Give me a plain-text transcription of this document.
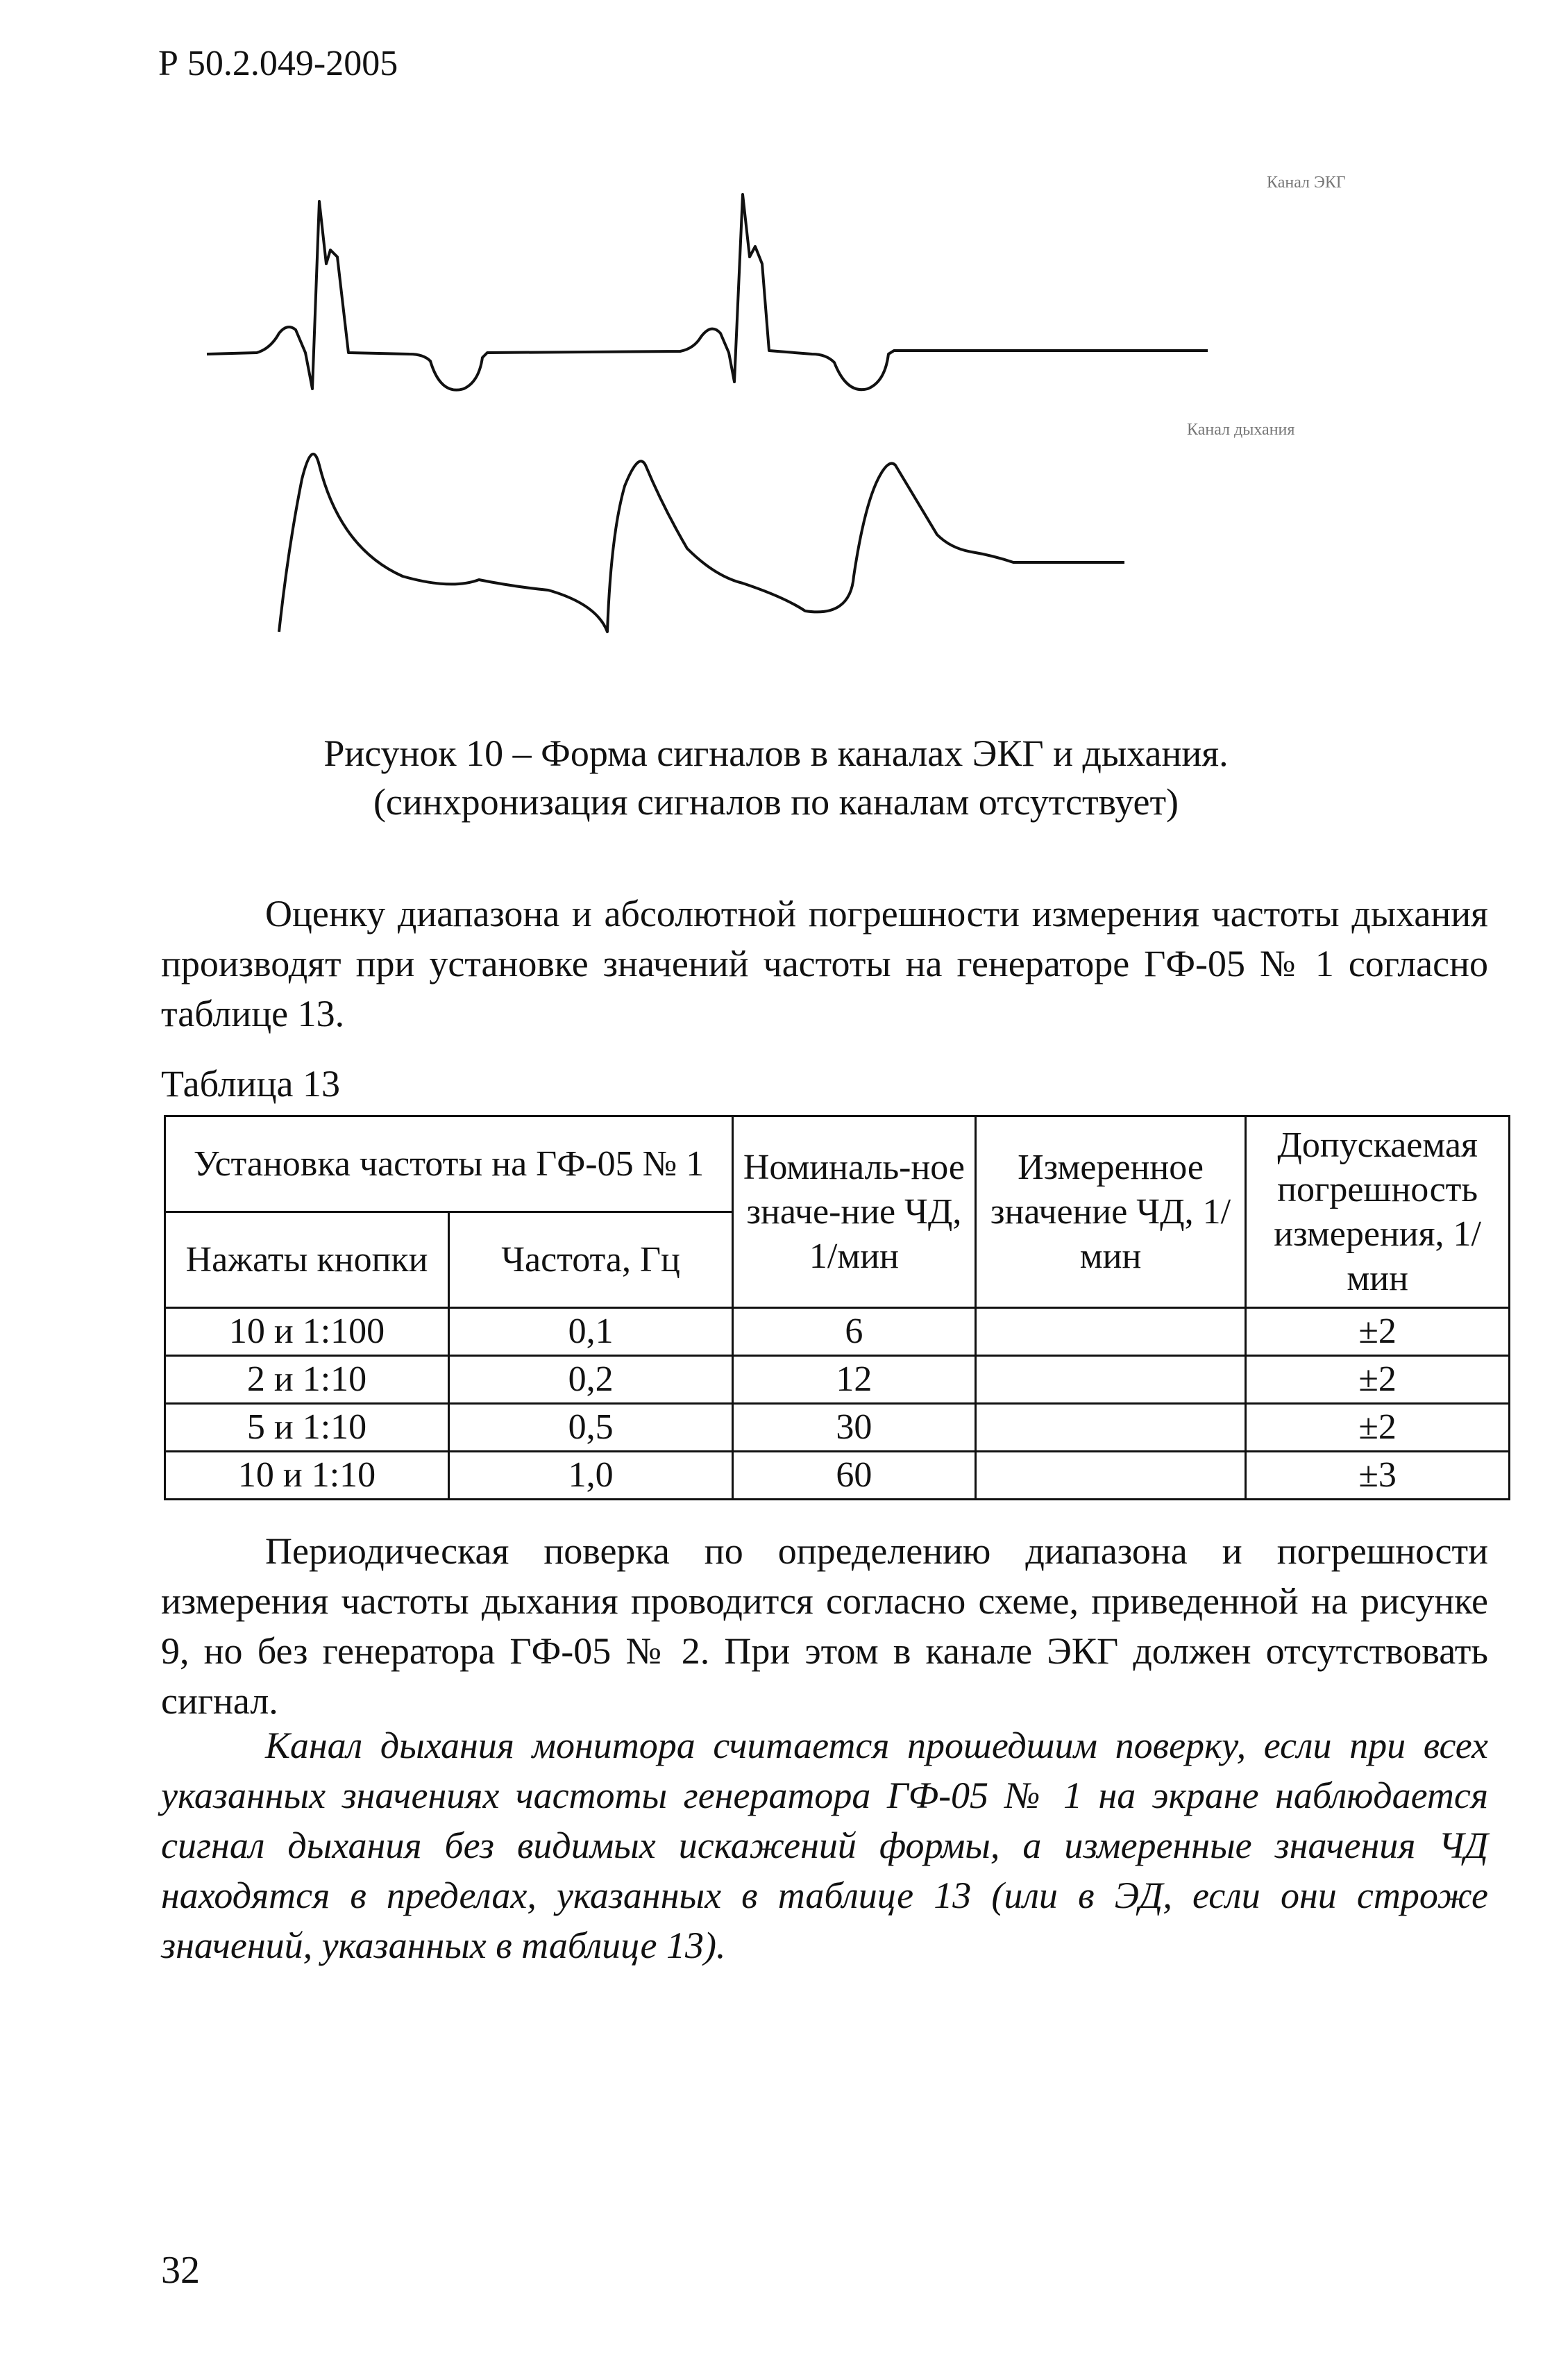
Р 50.2.049-2005
Канал ЭКГ
Канал дыхания
Рисунок 10 – Форма сигналов в каналах ЭКГ и дыхания.
(синхронизация сигналов по каналам отсутствует)
Оценку диапазона и абсолютной погрешности измерения частоты дыхания производят при установке значений частоты на генераторе ГФ-05 № 1 согласно таблице 13.
Таблица 13
Установка частоты на ГФ-05 № 1		Номиналь-ное значе-ние ЧД, 1/мин	Измеренное значение ЧД, 1/мин	Допускаемая погрешность измерения, 1/мин
Нажаты кнопки	Частота, Гц			
10 и 1:100	0,1	6		±2
2 и 1:10	0,2	12		±2
5 и 1:10	0,5	30		±2
10 и 1:10	1,0	60		±3
Периодическая поверка по определению диапазона и погрешности измерения частоты дыхания проводится согласно схеме, приведенной на рисунке 9, но без генератора ГФ-05 № 2. При этом в канале ЭКГ должен отсутствовать сигнал.
Канал дыхания монитора считается прошедшим поверку, если при всех указанных значениях частоты генератора ГФ-05 № 1 на экране наблюдается сигнал дыхания без видимых искажений формы, а измеренные значения ЧД находятся в пределах, указанных в таблице 13 (или в ЭД, если они строже значений, указанных в таблице 13).
32
